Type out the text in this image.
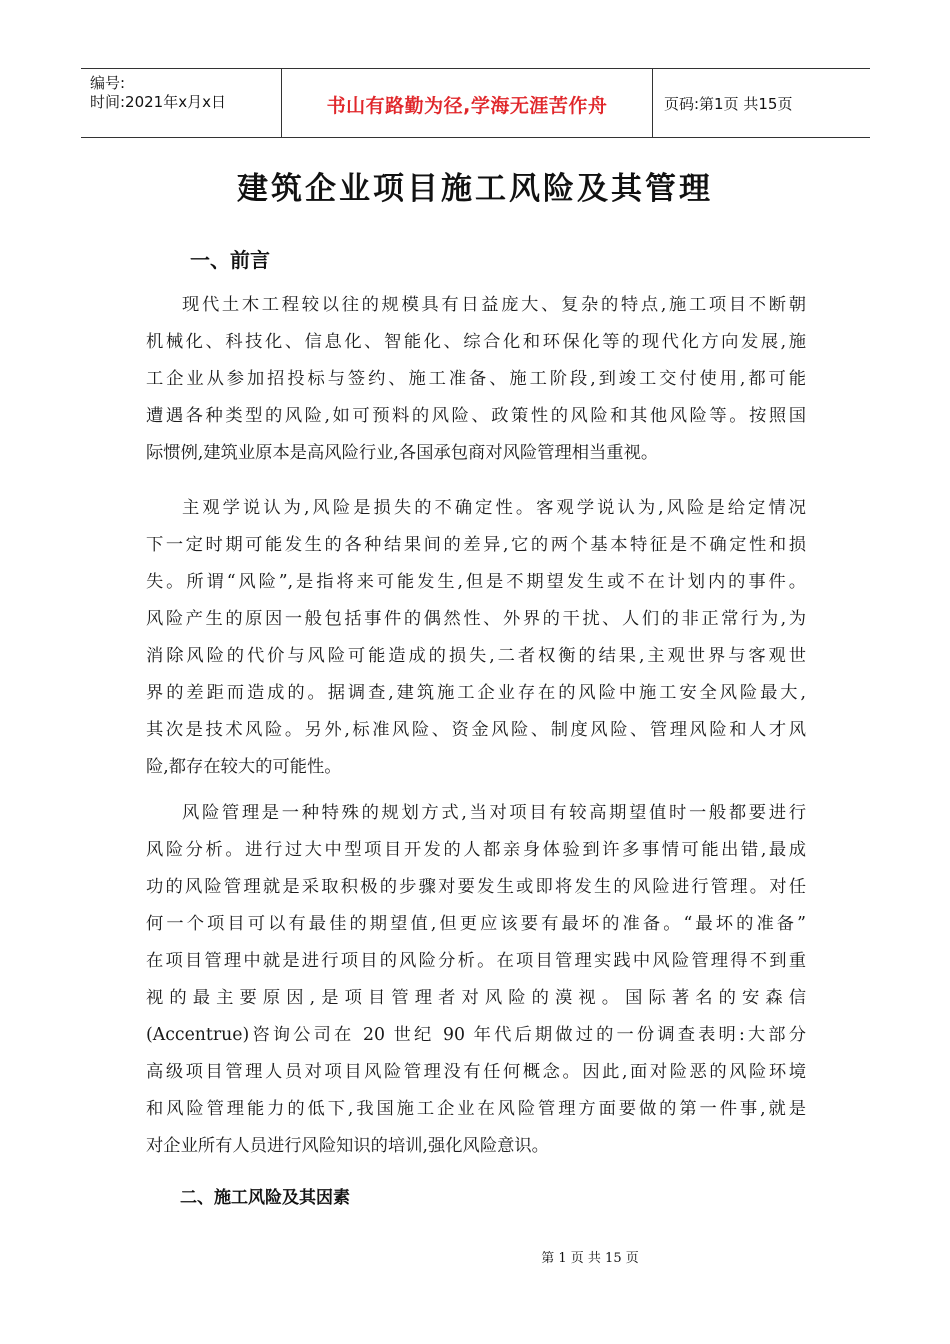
编号:
时间:2021年x月x日	书山有路勤为径,学海无涯苦作舟	页码:第1页 共15页
建筑企业项目施工风险及其管理
一、前言
现代土木工程较以往的规模具有日益庞大、复杂的特点,施工项目不断朝
机械化、科技化、信息化、智能化、综合化和环保化等的现代化方向发展,施
工企业从参加招投标与签约、施工准备、施工阶段,到竣工交付使用,都可能
遭遇各种类型的风险,如可预料的风险、政策性的风险和其他风险等。按照国
际惯例,建筑业原本是高风险行业,各国承包商对风险管理相当重视。
主观学说认为,风险是损失的不确定性。客观学说认为,风险是给定情况
下一定时期可能发生的各种结果间的差异,它的两个基本特征是不确定性和损
失。所谓“风险”,是指将来可能发生,但是不期望发生或不在计划内的事件。
风险产生的原因一般包括事件的偶然性、外界的干扰、人们的非正常行为,为
消除风险的代价与风险可能造成的损失,二者权衡的结果,主观世界与客观世
界的差距而造成的。据调查,建筑施工企业存在的风险中施工安全风险最大,
其次是技术风险。另外,标准风险、资金风险、制度风险、管理风险和人才风
险,都存在较大的可能性。
风险管理是一种特殊的规划方式,当对项目有较高期望值时一般都要进行
风险分析。进行过大中型项目开发的人都亲身体验到许多事情可能出错,最成
功的风险管理就是采取积极的步骤对要发生或即将发生的风险进行管理。对任
何一个项目可以有最佳的期望值,但更应该要有最坏的准备。“最坏的准备”
在项目管理中就是进行项目的风险分析。在项目管理实践中风险管理得不到重
视的最主要原因,是项目管理者对风险的漠视。国际著名的安森信
(Accentrue)咨询公司在 20 世纪 90 年代后期做过的一份调查表明:大部分
高级项目管理人员对项目风险管理没有任何概念。因此,面对险恶的风险环境
和风险管理能力的低下,我国施工企业在风险管理方面要做的第一件事,就是
对企业所有人员进行风险知识的培训,强化风险意识。
二、施工风险及其因素
第 1 页 共 15 页
